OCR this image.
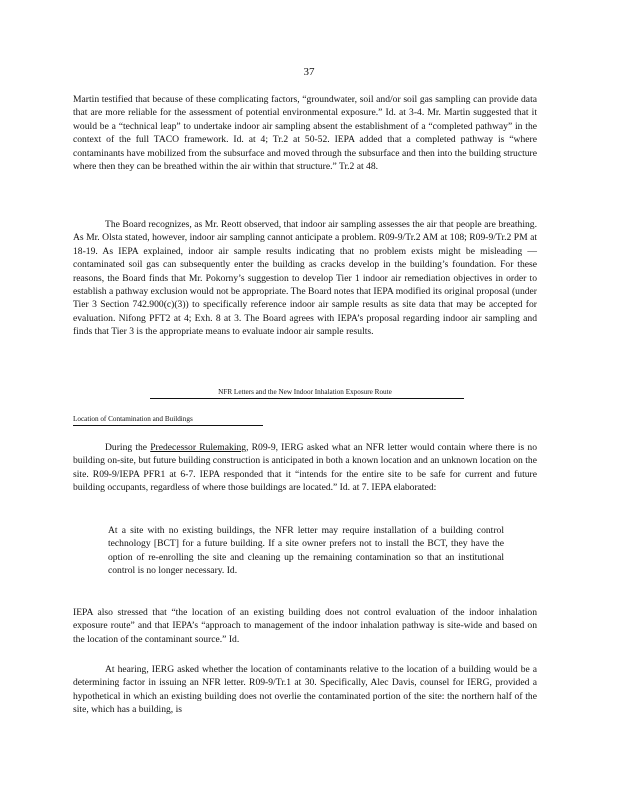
37
Martin testified that because of these complicating factors, “groundwater, soil and/or soil gas sampling can provide data that are more reliable for the assessment of potential environmental exposure.” Id. at 3-4. Mr. Martin suggested that it would be a “technical leap” to undertake indoor air sampling absent the establishment of a “completed pathway” in the context of the full TACO framework. Id. at 4; Tr.2 at 50-52. IEPA added that a completed pathway is “where contaminants have mobilized from the subsurface and moved through the subsurface and then into the building structure where then they can be breathed within the air within that structure.” Tr.2 at 48.
The Board recognizes, as Mr. Reott observed, that indoor air sampling assesses the air that people are breathing. As Mr. Olsta stated, however, indoor air sampling cannot anticipate a problem. R09-9/Tr.2 AM at 108; R09-9/Tr.2 PM at 18-19. As IEPA explained, indoor air sample results indicating that no problem exists might be misleading — contaminated soil gas can subsequently enter the building as cracks develop in the building’s foundation. For these reasons, the Board finds that Mr. Pokorny’s suggestion to develop Tier 1 indoor air remediation objectives in order to establish a pathway exclusion would not be appropriate. The Board notes that IEPA modified its original proposal (under Tier 3 Section 742.900(c)(3)) to specifically reference indoor air sample results as site data that may be accepted for evaluation. Nifong PFT2 at 4; Exh. 8 at 3. The Board agrees with IEPA’s proposal regarding indoor air sampling and finds that Tier 3 is the appropriate means to evaluate indoor air sample results.
NFR Letters and the New Indoor Inhalation Exposure Route
Location of Contamination and Buildings
During the Predecessor Rulemaking, R09-9, IERG asked what an NFR letter would contain where there is no building on-site, but future building construction is anticipated in both a known location and an unknown location on the site. R09-9/IEPA PFR1 at 6-7. IEPA responded that it “intends for the entire site to be safe for current and future building occupants, regardless of where those buildings are located.” Id. at 7. IEPA elaborated:
At a site with no existing buildings, the NFR letter may require installation of a building control technology [BCT] for a future building. If a site owner prefers not to install the BCT, they have the option of re-enrolling the site and cleaning up the remaining contamination so that an institutional control is no longer necessary. Id.
IEPA also stressed that “the location of an existing building does not control evaluation of the indoor inhalation exposure route” and that IEPA’s “approach to management of the indoor inhalation pathway is site-wide and based on the location of the contaminant source.” Id.
At hearing, IERG asked whether the location of contaminants relative to the location of a building would be a determining factor in issuing an NFR letter. R09-9/Tr.1 at 30. Specifically, Alec Davis, counsel for IERG, provided a hypothetical in which an existing building does not overlie the contaminated portion of the site: the northern half of the site, which has a building, is
